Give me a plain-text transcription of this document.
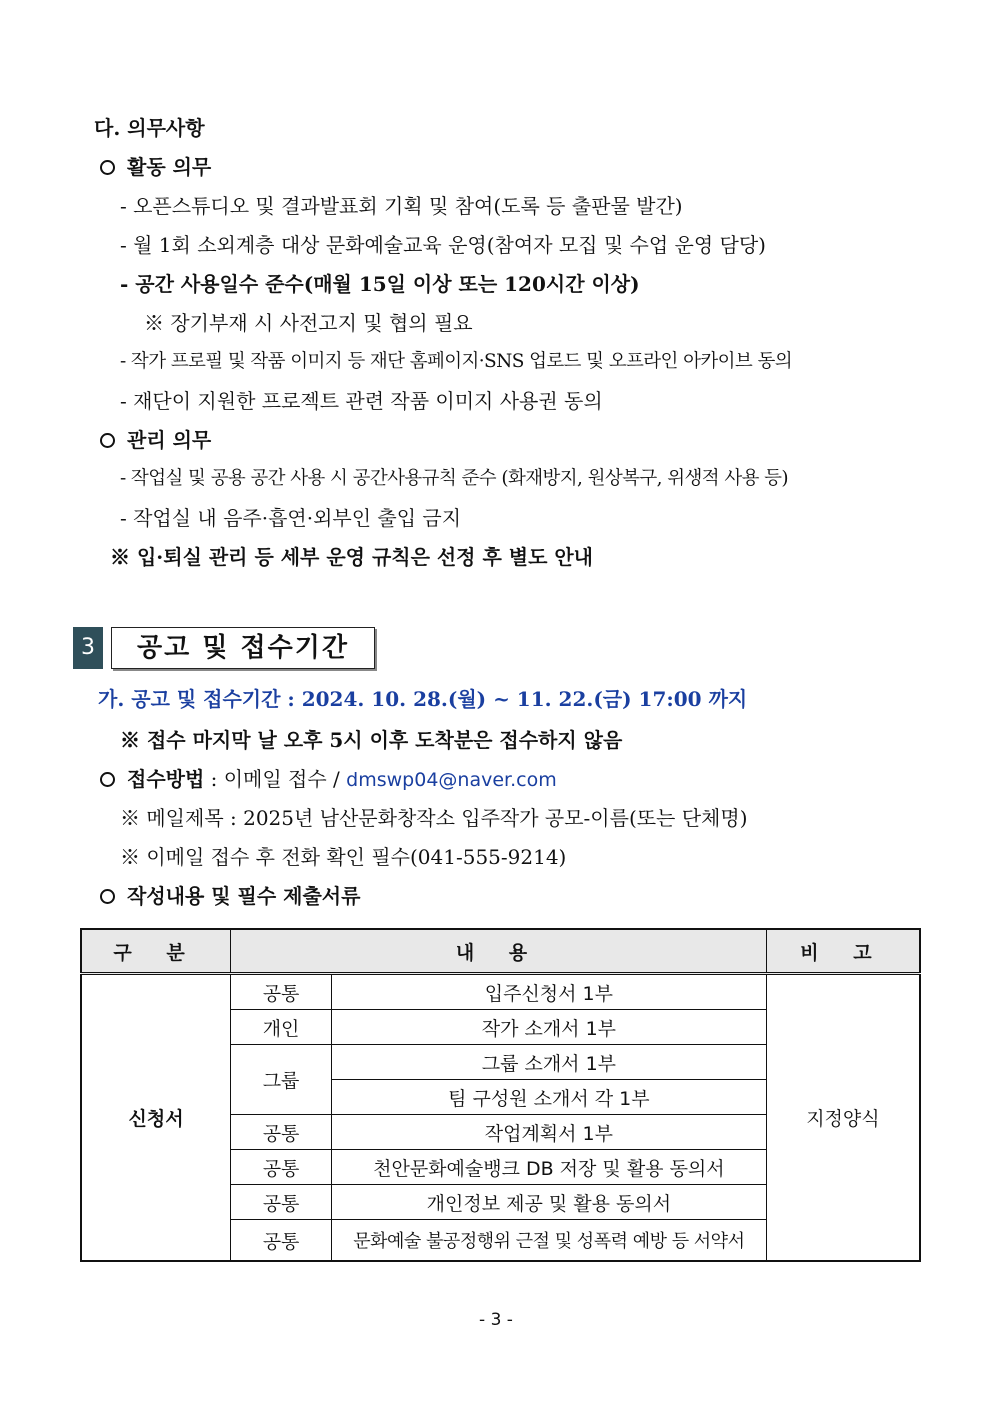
다. 의무사항
활동 의무
- 오픈스튜디오 및 결과발표회 기획 및 참여(도록 등 출판물 발간)
- 월 1회 소외계층 대상 문화예술교육 운영(참여자 모집 및 수업 운영 담당)
- 공간 사용일수 준수(매월 15일 이상 또는 120시간 이상)
※ 장기부재 시 사전고지 및 협의 필요
- 작가 프로필 및 작품 이미지 등 재단 홈페이지·SNS 업로드 및 오프라인 아카이브 동의
- 재단이 지원한 프로젝트 관련 작품 이미지 사용권 동의
관리 의무
- 작업실 및 공용 공간 사용 시 공간사용규칙 준수 (화재방지, 원상복구, 위생적 사용 등)
- 작업실 내 음주·흡연·외부인 출입 금지
※ 입·퇴실 관리 등 세부 운영 규칙은 선정 후 별도 안내
3	공고 및 접수기간
가. 공고 및 접수기간 : 2024. 10. 28.(월) ~ 11. 22.(금) 17:00 까지
※ 접수 마지막 날 오후 5시 이후 도착분은 접수하지 않음
접수방법 : 이메일 접수 / dmswp04@naver.com
※ 메일제목 : 2025년 남산문화창작소 입주작가 공모-이름(또는 단체명)
※ 이메일 접수 후 전화 확인 필수(041-555-9214)
작성내용 및 필수 제출서류
구 분	내 용		비 고
신청서	공통	입주신청서 1부	지정양식
	개인	작가 소개서 1부	
	그룹	그룹 소개서 1부	
		팀 구성원 소개서 각 1부	
	공통	작업계획서 1부	
	공통	천안문화예술뱅크 DB 저장 및 활용 동의서	
	공통	개인정보 제공 및 활용 동의서	
	공통	문화예술 불공정행위 근절 및 성폭력 예방 등 서약서	
- 3 -
